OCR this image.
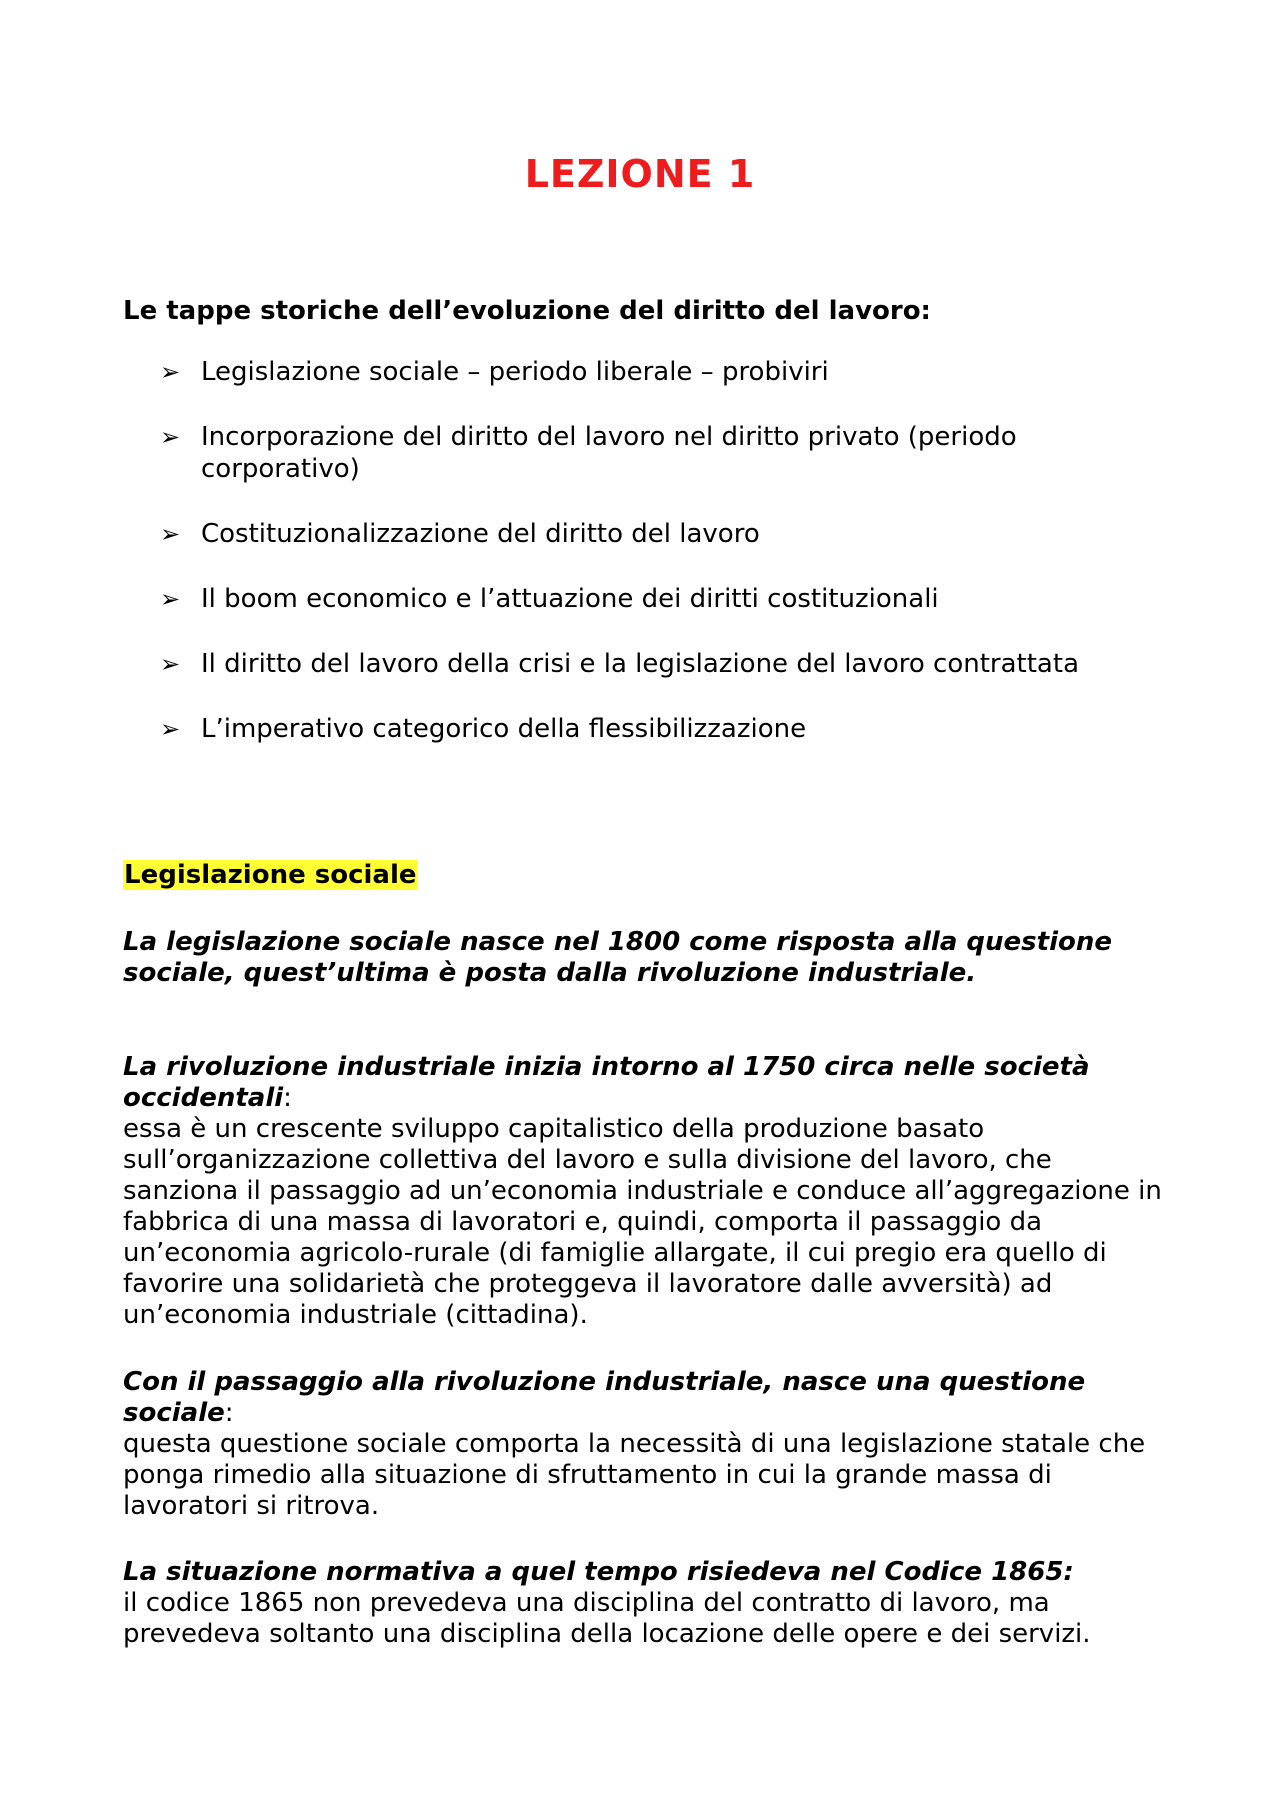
LEZIONE 1

Le tappe storiche dell’evoluzione del diritto del lavoro:

➢ Legislazione sociale – periodo liberale – probiviri
➢ Incorporazione del diritto del lavoro nel diritto privato (periodo corporativo)
➢ Costituzionalizzazione del diritto del lavoro
➢ Il boom economico e l’attuazione dei diritti costituzionali
➢ Il diritto del lavoro della crisi e la legislazione del lavoro contrattata
➢ L’imperativo categorico della flessibilizzazione

Legislazione sociale

La legislazione sociale nasce nel 1800 come risposta alla questione sociale, quest’ultima è posta dalla rivoluzione industriale.

La rivoluzione industriale inizia intorno al 1750 circa nelle società occidentali:
essa è un crescente sviluppo capitalistico della produzione basato sull’organizzazione collettiva del lavoro e sulla divisione del lavoro, che sanziona il passaggio ad un’economia industriale e conduce all’aggregazione in fabbrica di una massa di lavoratori e, quindi, comporta il passaggio da un’economia agricolo-rurale (di famiglie allargate, il cui pregio era quello di favorire una solidarietà che proteggeva il lavoratore dalle avversità) ad un’economia industriale (cittadina).
Con il passaggio alla rivoluzione industriale, nasce una questione sociale:
questa questione sociale comporta la necessità di una legislazione statale che ponga rimedio alla situazione di sfruttamento in cui la grande massa di lavoratori si ritrova.
La situazione normativa a quel tempo risiedeva nel Codice 1865:
il codice 1865 non prevedeva una disciplina del contratto di lavoro, ma prevedeva soltanto una disciplina della locazione delle opere e dei servizi.
